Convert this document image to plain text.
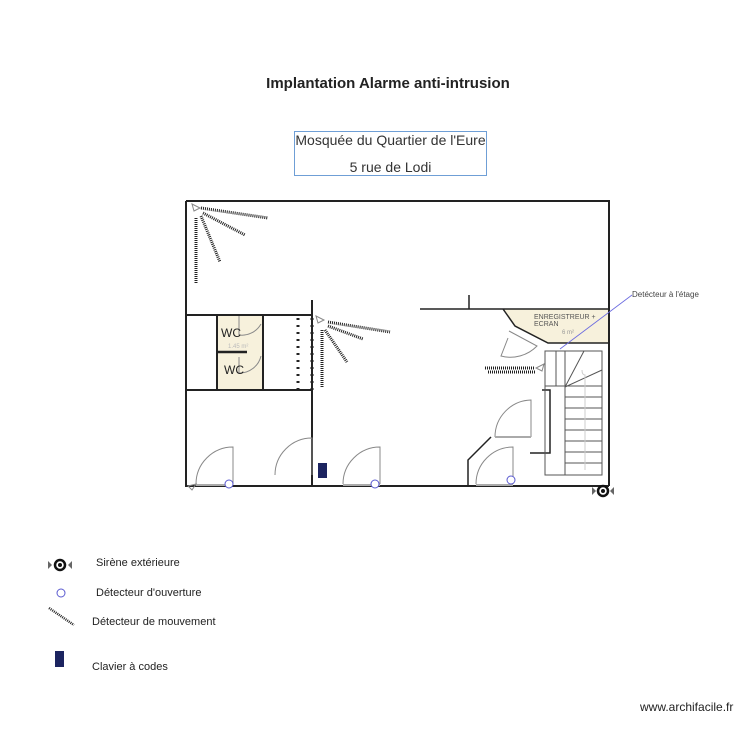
Implantation Alarme anti-intrusion
Mosquée du Quartier de l'Eure
5 rue de Lodi
WC
WC
1.45 m²
ENREGISTREUR + ECRAN
6 m²
Detécteur à l'étage
Sirène extérieure
Détecteur d'ouverture
Détecteur de mouvement
Clavier à codes
www.archifacile.fr
